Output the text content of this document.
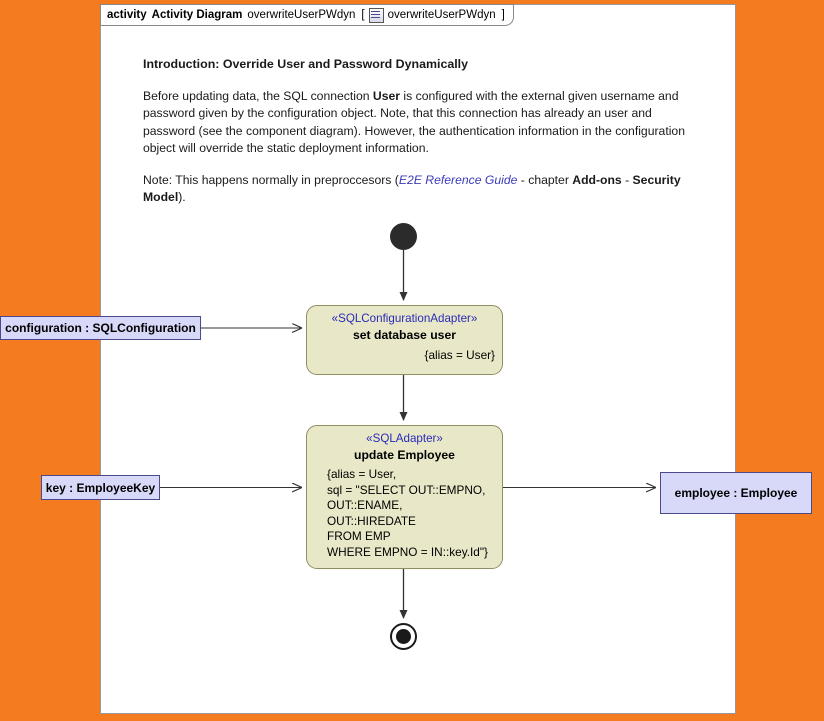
activity Activity Diagram overwriteUserPWdyn [ overwriteUserPWdyn ]
Introduction: Override User and Password Dynamically

Before updating data, the SQL connection User is configured with the external given username and password given by the configuration object. Note, that this connection has already an user and password (see the component diagram). However, the authentication information in the configuration object will override the static deployment information.

Note: This happens normally in preproccesors (E2E Reference Guide - chapter Add-ons - Security Model).

«SQLConfigurationAdapter»
set database user
{alias = User}
«SQLAdapter»
update Employee
{alias = User,
sql = "SELECT OUT::EMPNO,
OUT::ENAME,
OUT::HIREDATE
FROM EMP
WHERE EMPNO = IN::key.Id"}
configuration : SQLConfiguration
key : EmployeeKey	employee : Employee
